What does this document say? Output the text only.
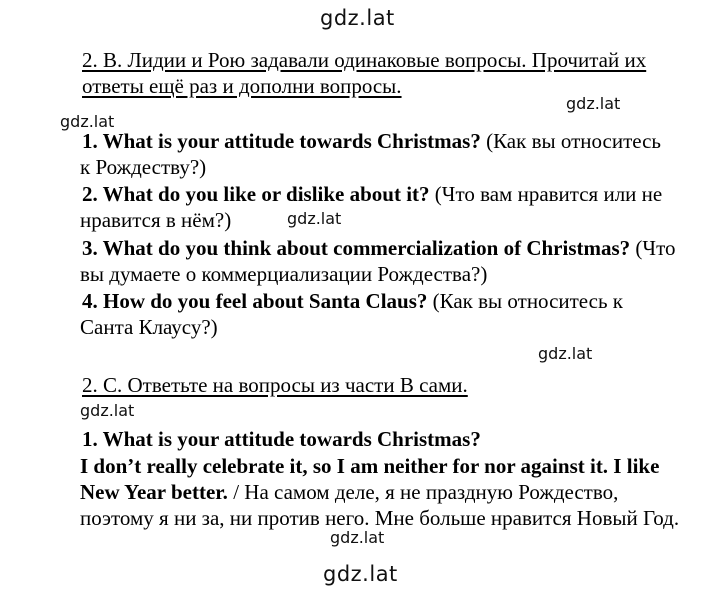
gdz.lat
gdz.lat
gdz.lat
gdz.lat
gdz.lat
gdz.lat
gdz.lat
gdz.lat
2. B. Лидии и Рою задавали одинаковые вопросы. Прочитай их
ответы ещё раз и дополни вопросы.
1. What is your attitude towards Christmas? (Как вы относитесь
к Рождеству?)
2. What do you like or dislike about it? (Что вам нравится или не
нравится в нём?)
3. What do you think about commercialization of Christmas? (Что
вы думаете о коммерциализации Рождества?)
4. How do you feel about Santa Claus? (Как вы относитесь к
Санта Клаусу?)
2. C. Ответьте на вопросы из части B сами.
1. What is your attitude towards Christmas?
I don’t really celebrate it, so I am neither for nor against it. I like
New Year better. / На самом деле, я не праздную Рождество,
поэтому я ни за, ни против него. Мне больше нравится Новый Год.
